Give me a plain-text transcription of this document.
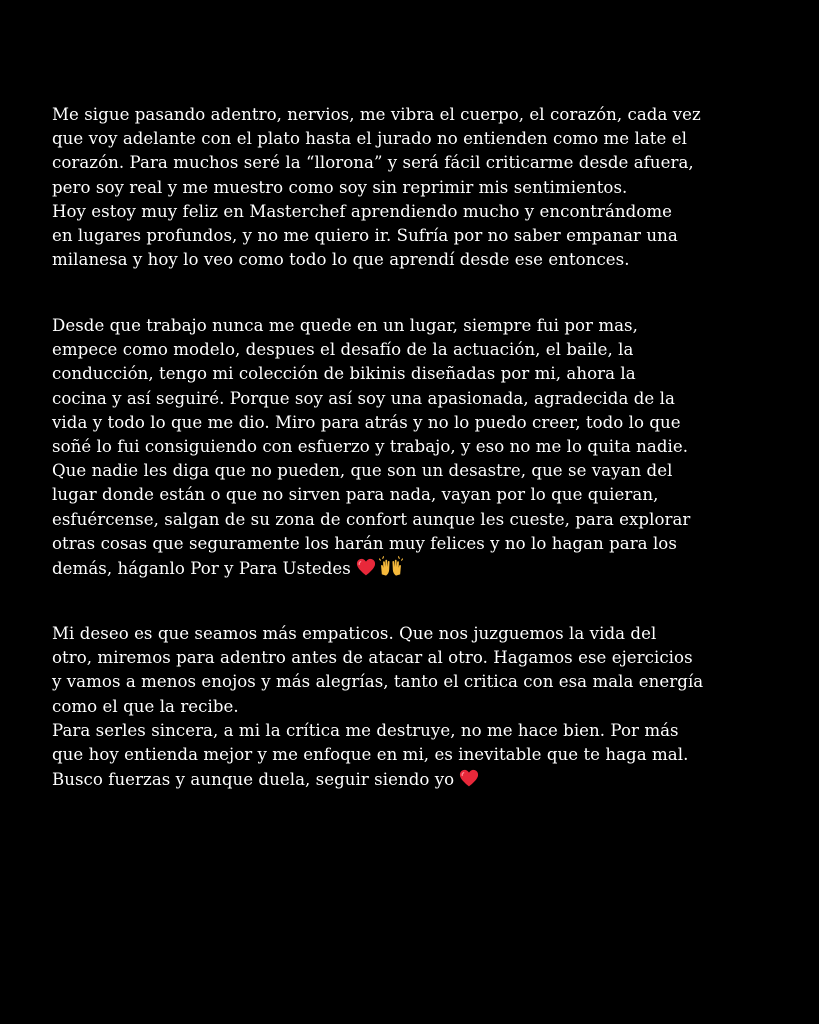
Me sigue pasando adentro, nervios, me vibra el cuerpo, el corazón, cada vez
que voy adelante con el plato hasta el jurado no entienden como me late el
corazón. Para muchos seré la “llorona” y será fácil criticarme desde afuera,
pero soy real y me muestro como soy sin reprimir mis sentimientos.
Hoy estoy muy feliz en Masterchef aprendiendo mucho y encontrándome
en lugares profundos, y no me quiero ir. Sufría por no saber empanar una
milanesa y hoy lo veo como todo lo que aprendí desde ese entonces.
Desde que trabajo nunca me quede en un lugar, siempre fui por mas,
empece como modelo, despues el desafío de la actuación, el baile, la
conducción, tengo mi colección de bikinis diseñadas por mi, ahora la
cocina y así seguiré. Porque soy así soy una apasionada, agradecida de la
vida y todo lo que me dio. Miro para atrás y no lo puedo creer, todo lo que
soñé lo fui consiguiendo con esfuerzo y trabajo, y eso no me lo quita nadie.
Que nadie les diga que no pueden, que son un desastre, que se vayan del
lugar donde están o que no sirven para nada, vayan por lo que quieran,
esfuércense, salgan de su zona de confort aunque les cueste, para explorar
otras cosas que seguramente los harán muy felices y no lo hagan para los
demás, háganlo Por y Para Ustedes
Mi deseo es que seamos más empaticos. Que nos juzguemos la vida del
otro, miremos para adentro antes de atacar al otro. Hagamos ese ejercicios
y vamos a menos enojos y más alegrías, tanto el critica con esa mala energía
como el que la recibe.
Para serles sincera, a mi la crítica me destruye, no me hace bien. Por más
que hoy entienda mejor y me enfoque en mi, es inevitable que te haga mal.
Busco fuerzas y aunque duela, seguir siendo yo
